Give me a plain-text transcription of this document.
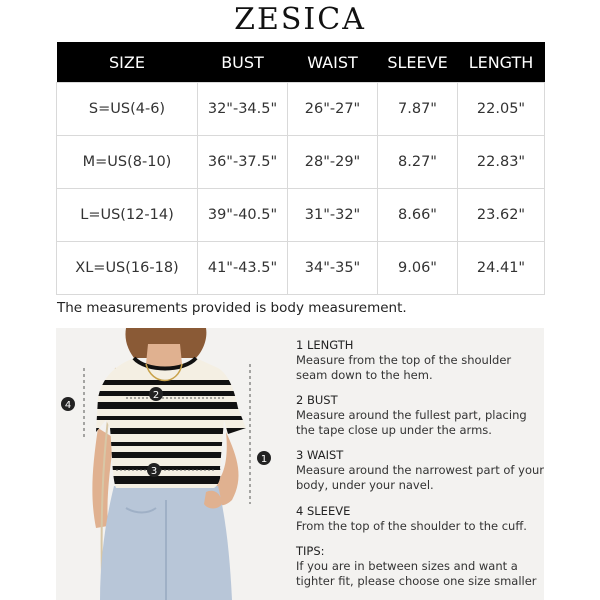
ZESICA
SIZE	BUST	WAIST	SLEEVE	LENGTH
S=US(4-6)	32"-34.5"	26"-27"	7.87"	22.05"
M=US(8-10)	36"-37.5"	28"-29"	8.27"	22.83"
L=US(12-14)	39"-40.5"	31"-32"	8.66"	23.62"
XL=US(16-18)	41"-43.5"	34"-35"	9.06"	24.41"
The measurements provided is body measurement.
1
2
3
4
1 LENGTH
Measure from the top of the shoulder seam down to the hem.
2 BUST
Measure around the fullest part, placing the tape close up under the arms.
3 WAIST
Measure around the narrowest part of your body, under your navel.
4 SLEEVE
From the top of the shoulder to the cuff.
TIPS:
If you are in between sizes and want a tighter fit, please choose one size smaller
